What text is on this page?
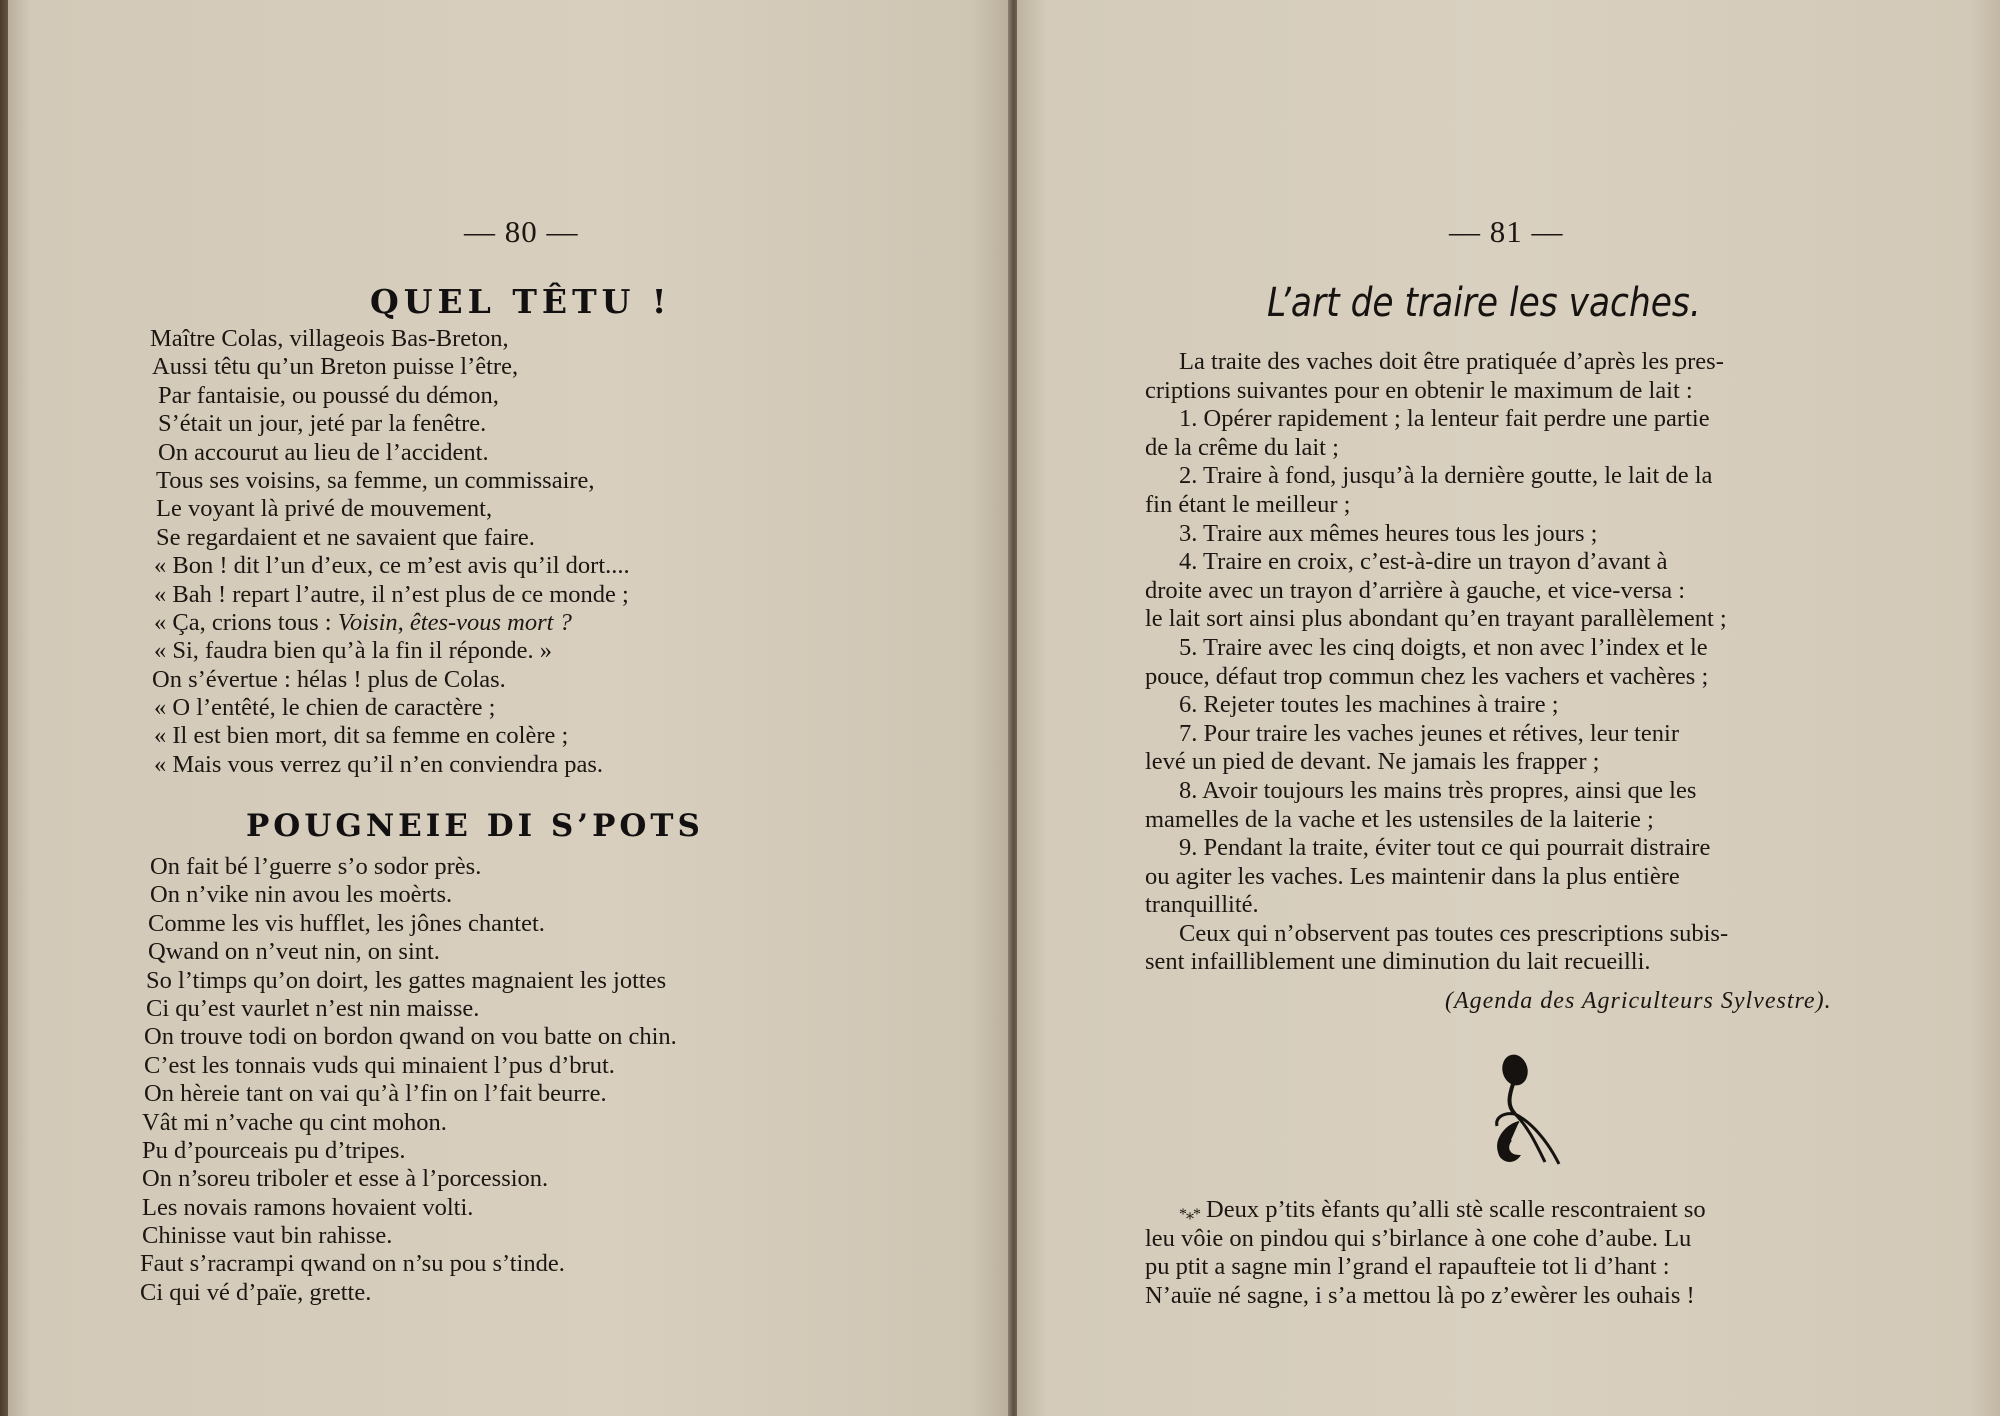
— 80 —
QUEL TÊTU !
Maître Colas, villageois Bas-Breton,
Aussi têtu qu’un Breton puisse l’être,
Par fantaisie, ou poussé du démon,
S’était un jour, jeté par la fenêtre.
On accourut au lieu de l’accident.
Tous ses voisins, sa femme, un commissaire,
Le voyant là privé de mouvement,
Se regardaient et ne savaient que faire.
« Bon ! dit l’un d’eux, ce m’est avis qu’il dort....
« Bah ! repart l’autre, il n’est plus de ce monde ;
« Ça, crions tous : Voisin, êtes-vous mort ?
« Si, faudra bien qu’à la fin il réponde. »
On s’évertue : hélas ! plus de Colas.
« O l’entêté, le chien de caractère ;
« Il est bien mort, dit sa femme en colère ;
« Mais vous verrez qu’il n’en conviendra pas.
POUGNEIE DI S’POTS
On fait bé l’guerre s’o sodor près.
On n’vike nin avou les moèrts.
Comme les vis hufflet, les jônes chantet.
Qwand on n’veut nin, on sint.
So l’timps qu’on doirt, les gattes magnaient les jottes
Ci qu’est vaurlet n’est nin maisse.
On trouve todi on bordon qwand on vou batte on chin.
C’est les tonnais vuds qui minaient l’pus d’brut.
On hèreie tant on vai qu’à l’fin on l’fait beurre.
Vât mi n’vache qu cint mohon.
Pu d’pourceais pu d’tripes.
On n’soreu triboler et esse à l’porcession.
Les novais ramons hovaient volti.
Chinisse vaut bin rahisse.
Faut s’racrampi qwand on n’su pou s’tinde.
Ci qui vé d’païe, grette.
— 81 —
L’art de traire les vaches.
La traite des vaches doit être pratiquée d’après les pres-
criptions suivantes pour en obtenir le maximum de lait :
1. Opérer rapidement ; la lenteur fait perdre une partie
de la crême du lait ;
2. Traire à fond, jusqu’à la dernière goutte, le lait de la
fin étant le meilleur ;
3. Traire aux mêmes heures tous les jours ;
4. Traire en croix, c’est-à-dire un trayon d’avant à
droite avec un trayon d’arrière à gauche, et vice-versa :
le lait sort ainsi plus abondant qu’en trayant parallèlement ;
5. Traire avec les cinq doigts, et non avec l’index et le
pouce, défaut trop commun chez les vachers et vachères ;
6. Rejeter toutes les machines à traire ;
7. Pour traire les vaches jeunes et rétives, leur tenir
levé un pied de devant. Ne jamais les frapper ;
8. Avoir toujours les mains très propres, ainsi que les
mamelles de la vache et les ustensiles de la laiterie ;
9. Pendant la traite, éviter tout ce qui pourrait distraire
ou agiter les vaches. Les maintenir dans la plus entière
tranquillité.
Ceux qui n’observent pas toutes ces prescriptions subis-
sent infailliblement une diminution du lait recueilli.
(Agenda des Agriculteurs Sylvestre).
*⁎* Deux p’tits èfants qu’alli stè scalle rescontraient so
leu vôie on pindou qui s’birlance à one cohe d’aube. Lu
pu ptit a sagne min l’grand el rapaufteie tot li d’hant :
N’auïe né sagne, i s’a mettou là po z’ewèrer les ouhais !
